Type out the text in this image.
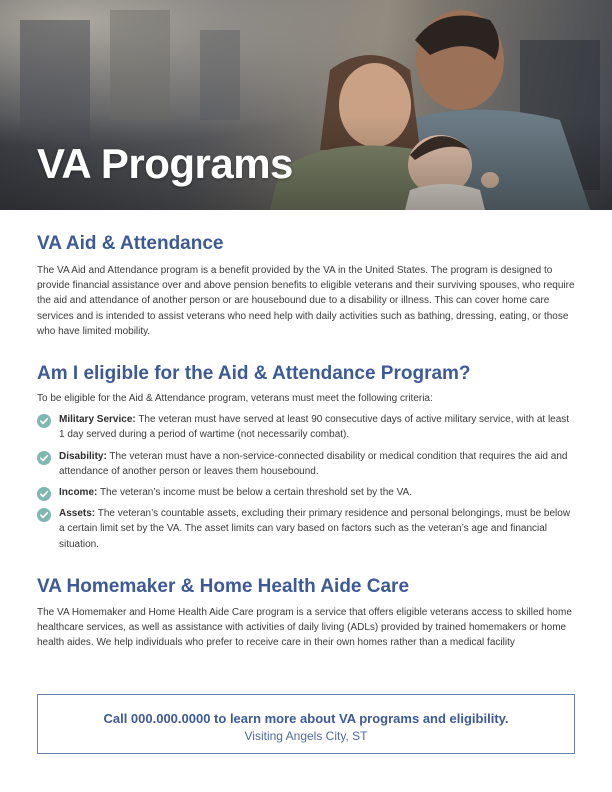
VA Programs
VA Aid & Attendance

The VA Aid and Attendance program is a benefit provided by the VA in the United States. The program is designed to provide financial assistance over and above pension benefits to eligible veterans and their surviving spouses, who require the aid and attendance of another person or are housebound due to a disability or illness. This can cover home care services and is intended to assist veterans who need help with daily activities such as bathing, dressing, eating, or those who have limited mobility.

Am I eligible for the Aid & Attendance Program?

To be eligible for the Aid & Attendance program, veterans must meet the following criteria:

Military Service: The veteran must have served at least 90 consecutive days of active military service, with at least 1 day served during a period of wartime (not necessarily combat).
Disability: The veteran must have a non-service-connected disability or medical condition that requires the aid and attendance of another person or leaves them housebound.
Income: The veteran’s income must be below a certain threshold set by the VA.
Assets: The veteran’s countable assets, excluding their primary residence and personal belongings, must be below a certain limit set by the VA. The asset limits can vary based on factors such as the veteran’s age and financial situation.
VA Homemaker & Home Health Aide Care

The VA Homemaker and Home Health Aide Care program is a service that offers eligible veterans access to skilled home healthcare services, as well as assistance with activities of daily living (ADLs) provided by trained homemakers or home health aides. We help individuals who prefer to receive care in their own homes rather than a medical facility

Call 000.000.0000 to learn more about VA programs and eligibility.
Visiting Angels City, ST
